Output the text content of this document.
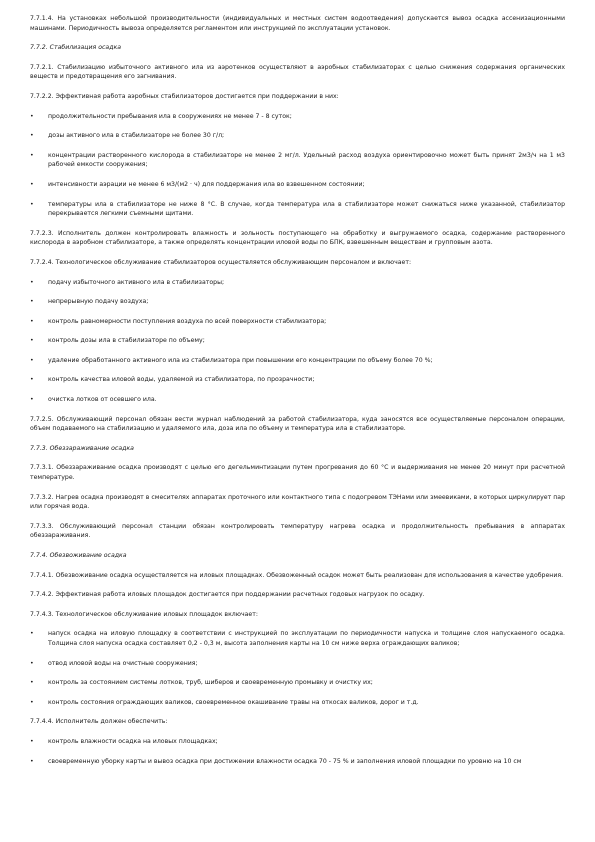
7.7.1.4. На установках небольшой производительности (индивидуальных и местных систем водоотведения) допускается вывоз осадка ассенизационными машинами. Периодичность вывоза определяется регламентом или инструкцией по эксплуатации установок.
7.7.2. Стабилизация осадка
7.7.2.1. Стабилизацию избыточного активного ила из аэротенков осуществляют в аэробных стабилизаторах с целью снижения содержания органических веществ и предотвращения его загнивания.
7.7.2.2. Эффективная работа аэробных стабилизаторов достигается при поддержании в них:
• продолжительности пребывания ила в сооружениях не менее 7 - 8 суток;
• дозы активного ила в стабилизаторе не более 30 г/л;
• концентрации растворенного кислорода в стабилизаторе не менее 2 мг/л. Удельный расход воздуха ориентировочно может быть принят 2м3/ч на 1 м3 рабочей емкости сооружения;
• интенсивности аэрации не менее 6 м3/(м2 · ч) для поддержания ила во взвешенном состоянии;
• температуры ила в стабилизаторе не ниже 8 °С. В случае, когда температура ила в стабилизаторе может снижаться ниже указанной, стабилизатор перекрывается легкими съемными щитами.
7.7.2.3. Исполнитель должен контролировать влажность и зольность поступающего на обработку и выгружаемого осадка, содержание растворенного кислорода в аэробном стабилизаторе, а также определять концентрации иловой воды по БПК, взвешенным веществам и групповым азота.
7.7.2.4. Технологическое обслуживание стабилизаторов осуществляется обслуживающим персоналом и включает:
• подачу избыточного активного ила в стабилизаторы;
• непрерывную подачу воздуха;
• контроль равномерности поступления воздуха по всей поверхности стабилизатора;
• контроль дозы ила в стабилизаторе по объему;
• удаление обработанного активного ила из стабилизатора при повышении его концентрации по объему более 70 %;
• контроль качества иловой воды, удаляемой из стабилизатора, по прозрачности;
• очистка лотков от осевшего ила.
7.7.2.5. Обслуживающий персонал обязан вести журнал наблюдений за работой стабилизатора, куда заносятся все осуществляемые персоналом операции, объем подаваемого на стабилизацию и удаляемого ила, доза ила по объему и температура ила в стабилизаторе.
7.7.3. Обеззараживание осадка
7.7.3.1. Обеззараживание осадка производят с целью его дегельминтизации путем прогревания до 60 °С и выдерживания не менее 20 минут при расчетной температуре.
7.7.3.2. Нагрев осадка производят в смесителях аппаратах проточного или контактного типа с подогревом ТЭНами или змеевиками, в которых циркулирует пар или горячая вода.
7.7.3.3. Обслуживающий персонал станции обязан контролировать температуру нагрева осадка и продолжительность пребывания в аппаратах обеззараживания.
7.7.4. Обезвоживание осадка
7.7.4.1. Обезвоживание осадка осуществляется на иловых площадках. Обезвоженный осадок может быть реализован для использования в качестве удобрения.
7.7.4.2. Эффективная работа иловых площадок достигается при поддержании расчетных годовых нагрузок по осадку.
7.7.4.3. Технологическое обслуживание иловых площадок включает:
• напуск осадка на иловую площадку в соответствии с инструкцией по эксплуатации по периодичности напуска и толщине слоя напускаемого осадка. Толщина слоя напуска осадка составляет 0,2 - 0,3 м, высота заполнения карты на 10 см ниже верха ограждающих валиков;
• отвод иловой воды на очистные сооружения;
• контроль за состоянием системы лотков, труб, шиберов и своевременную промывку и очистку их;
• контроль состояния ограждающих валиков, своевременное окашивание травы на откосах валиков, дорог и т.д.
7.7.4.4. Исполнитель должен обеспечить:
• контроль влажности осадка на иловых площадках;
• своевременную уборку карты и вывоз осадка при достижении влажности осадка 70 - 75 % и заполнения иловой площадки по уровню на 10 см
